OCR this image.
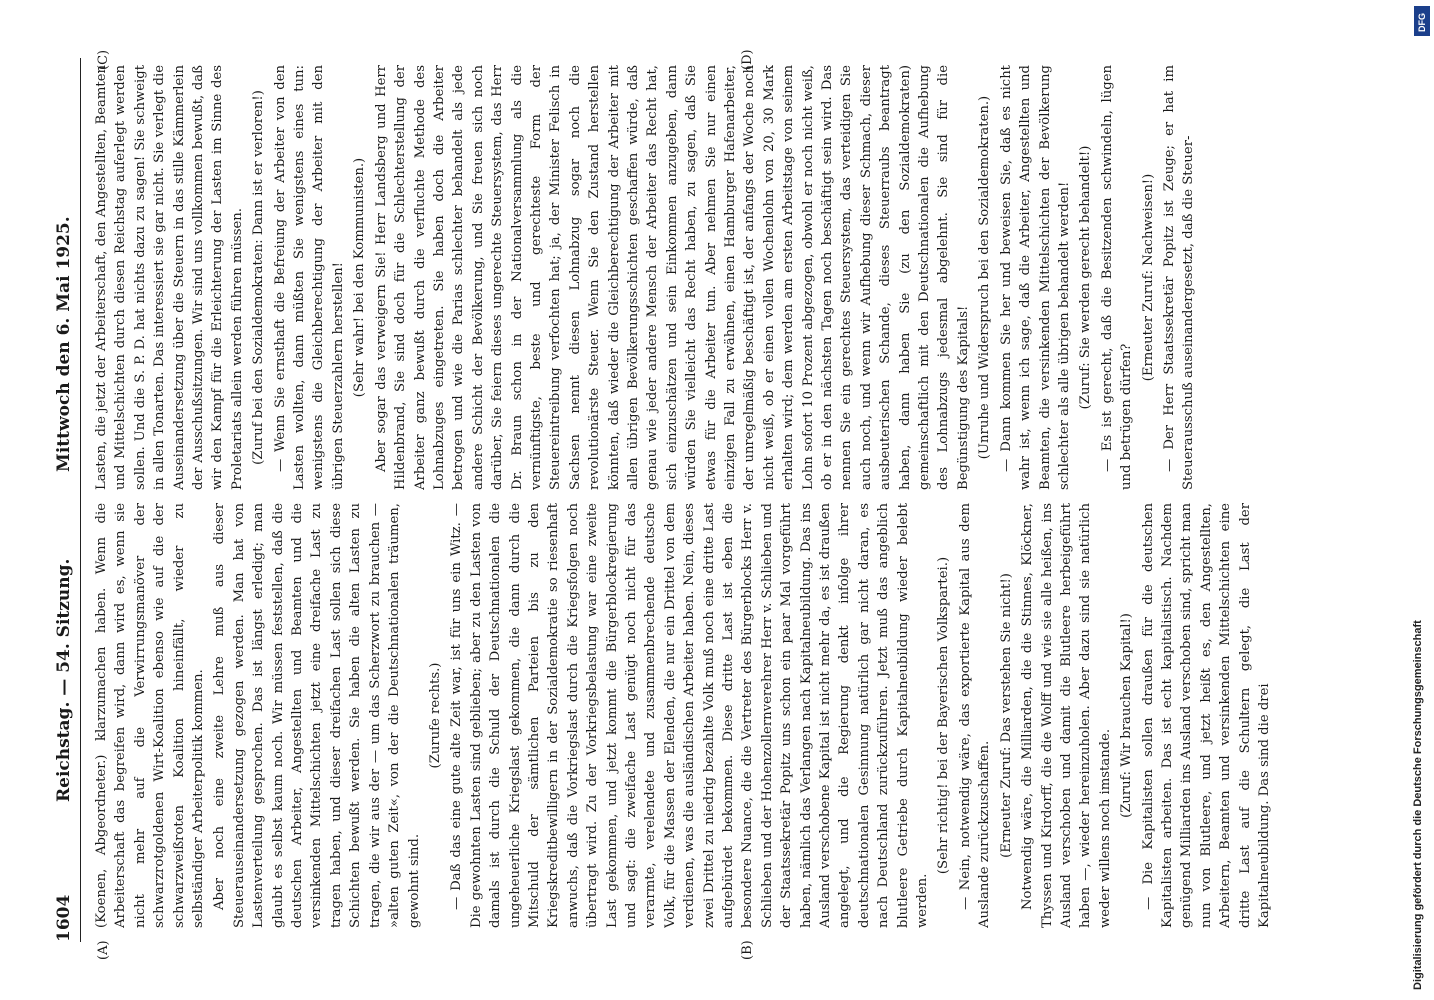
1604
Reichstag. — 54. Sitzung.
Mittwoch den 6. Mai 1925.
(A)	(B)
(C)	(D)

(Koenen, Abgeordneter.) klarzumachen haben. Wenn die Arbeiterschaft das begreifen wird, dann wird es, wenn sie nicht mehr auf die Verwirrungsmanöver der schwarzrotgoldenen Wirt-Koalition ebenso wie auf die der schwarzweißroten Koalition hineinfällt, wieder zu selbständiger Arbeiterpolitik kommen. Aber noch eine zweite Lehre muß aus dieser Steuerauseinandersetzung gezogen werden. Man hat von Lastenverteilung gesprochen. Das ist längst erledigt; man glaubt es selbst kaum noch. Wir müssen feststellen, daß die deutschen Arbeiter, Angestellten und Beamten und die versinkenden Mittelschichten jetzt eine dreifache Last zu tragen haben, und dieser dreifachen Last sollen sich diese Schichten bewußt werden. Sie haben die alten Lasten zu tragen, die wir aus der — um das Scherzwort zu brauchen — »alten guten Zeit«, von der die Deutschnationalen träumen, gewohnt sind.

(Zurufe rechts.) — Daß das eine gute alte Zeit war, ist für uns ein Witz. — Die gewohnten Lasten sind geblieben; aber zu den Lasten von damals ist durch die Schuld der Deutschnationalen die ungeheuerliche Kriegslast gekommen, die dann durch die Mitschuld der sämtlichen Parteien bis zu den Kriegskreditbewilligern in der Sozialdemokratie so riesenhaft anwuchs, daß die Vorkriegslast durch die Kriegsfolgen noch übertragt wird. Zu der Vorkriegsbelastung war eine zweite Last gekommen, und jetzt kommt die Bürgerblockregierung und sagt: die zweifache Last genügt noch nicht für das verarmte, verelendete und zusammenbrechende deutsche Volk, für die Massen der Elenden, die nur ein Drittel von dem verdienen, was die ausländischen Arbeiter haben. Nein, dieses zwei Drittel zu niedrig bezahlte Volk muß noch eine dritte Last aufgebürdet bekommen. Diese dritte Last ist eben die besondere Nuance, die die Vertreter des Bürgerblocks Herr v. Schlieben und der Hohenzollernverehrer Herr v. Schlieben und der Staatssekretär Popitz uns schon ein paar Mal vorgeführt haben, nämlich das Verlangen nach Kapitalneubildung. Das ins Ausland verschobene Kapital ist nicht mehr da, es ist draußen angelegt, und die Regierung denkt infolge ihrer deutschnationalen Gesinnung natürlich gar nicht daran, es nach Deutschland zurückzuführen. Jetzt muß das angeblich blutleere Getriebe durch Kapitalneubildung wieder belebt werden.

(Sehr richtig! bei der Bayerischen Volkspartei.) — Nein, notwendig wäre, das exportierte Kapital aus dem Auslande zurückzuschaffen. (Erneuter Zuruf: Das verstehen Sie nicht!) Notwendig wäre, die Milliarden, die die Stinnes, Klöckner, Thyssen und Kirdorff, die die Wolff und wie sie alle heißen, ins Ausland verschoben und damit die Blutleere herbeigeführt haben —, wieder hereinzuholen. Aber dazu sind sie natürlich weder willens noch imstande.

(Zuruf: Wir brauchen Kapital!) — Die Kapitalisten sollen draußen für die deutschen Kapitalisten arbeiten. Das ist echt kapitalistisch. Nachdem genügend Milliarden ins Ausland verschoben sind, spricht man nun von Blutleere, und jetzt heißt es, den Angestellten, Arbeitern, Beamten und versinkenden Mittelschichten eine dritte Last auf die Schultern gelegt, die Last der Kapitalneubildung. Das sind die drei

Lasten, die jetzt der Arbeiterschaft, den Angestellten, Beamten und Mittelschichten durch diesen Reichstag auferlegt werden sollen. Und die S. P. D. hat nichts dazu zu sagen! Sie schweigt in allen Tonarten. Das interessiert sie gar nicht. Sie verlegt die Auseinandersetzung über die Steuern in das stille Kämmerlein der Ausschußsitzungen. Wir sind uns vollkommen bewußt, daß wir den Kampf für die Erleichterung der Lasten im Sinne des Proletariats allein werden führen müssen. (Zuruf bei den Sozialdemokraten: Dann ist er verloren!) — Wenn Sie ernsthaft die Befreiung der Arbeiter von den Lasten wollten, dann müßten Sie wenigstens eines tun: wenigstens die Gleichberechtigung der Arbeiter mit den übrigen Steuerzahlern herstellen! (Sehr wahr! bei den Kommunisten.) Aber sogar das verweigern Sie! Herr Landsberg und Herr Hildenbrand, Sie sind doch für die Schlechterstellung der Arbeiter ganz bewußt durch die verfluchte Methode des Lohnabzuges eingetreten. Sie haben doch die Arbeiter betrogen und wie die Parias schlechter behandelt als jede andere Schicht der Bevölkerung, und Sie freuen sich noch darüber, Sie feiern dieses ungerechte Steuersystem, das Herr Dr. Braun schon in der Nationalversammlung als die vernünftigste, beste und gerechteste Form der Steuereintreibung verfochten hat; ja, der Minister Felisch in Sachsen nennt diesen Lohnabzug sogar noch die revolutionärste Steuer. Wenn Sie den Zustand herstellen könnten, daß wieder die Gleichberechtigung der Arbeiter mit allen übrigen Bevölkerungsschichten geschaffen würde, daß genau wie jeder andere Mensch der Arbeiter das Recht hat, sich einzuschätzen und sein Einkommen anzugeben, dann würden Sie vielleicht das Recht haben, zu sagen, daß Sie etwas für die Arbeiter tun. Aber nehmen Sie nur einen einzigen Fall zu erwähnen, einen Hamburger Hafenarbeiter, der unregelmäßig beschäftigt ist, der anfangs der Woche noch nicht weiß, ob er einen vollen Wochenlohn von 20, 30 Mark erhalten wird; dem werden am ersten Arbeitstage von seinem Lohn sofort 10 Prozent abgezogen, obwohl er noch nicht weiß, ob er in den nächsten Tagen noch beschäftigt sein wird. Das nennen Sie ein gerechtes Steuersystem, das verteidigen Sie auch noch, und wenn wir Aufhebung dieser Schmach, dieser ausbeuterischen Schande, dieses Steuerraubs beantragt haben, dann haben Sie (zu den Sozialdemokraten) gemeinschaftlich mit den Deutschnationalen die Aufhebung des Lohnabzugs jedesmal abgelehnt. Sie sind für die Begünstigung des Kapitals! (Unruhe und Widerspruch bei den Sozialdemokraten.) — Dann kommen Sie her und beweisen Sie, daß es nicht wahr ist, wenn ich sage, daß die Arbeiter, Angestellten und Beamten, die versinkenden Mittelschichten der Bevölkerung schlechter als alle übrigen behandelt werden! (Zuruf: Sie werden gerecht behandelt!) — Es ist gerecht, daß die Besitzenden schwindeln, lügen und betrügen dürfen?

(Erneuter Zuruf: Nachweisen!) — Der Herr Staatssekretär Popitz ist Zeuge; er hat im Steuerausschuß auseinandergesetzt, daß die Steuer-

DFG
Digitalisierung gefördert durch die Deutsche Forschungsgemeinschaft
